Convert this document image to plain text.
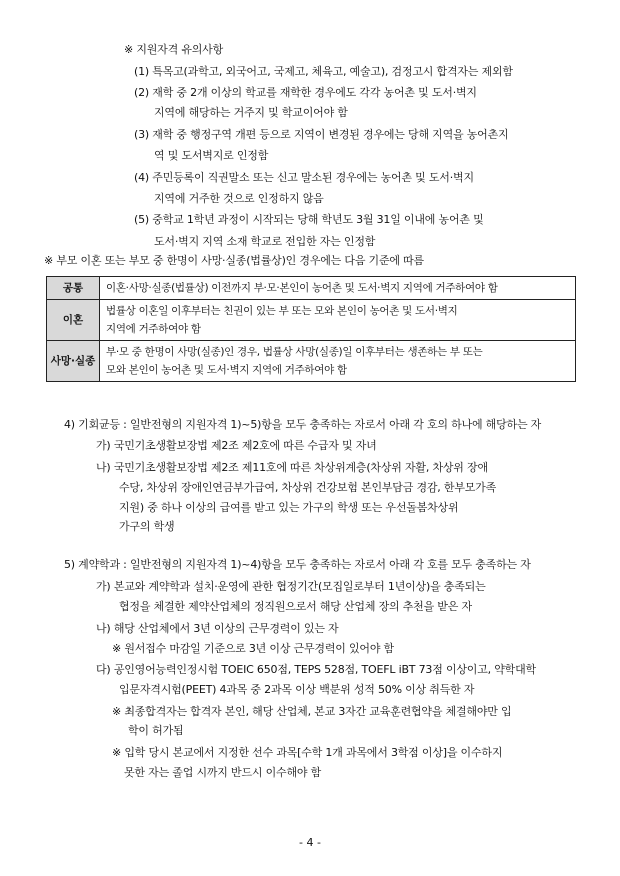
※ 지원자격 유의사항
(1) 특목고(과학고, 외국어고, 국제고, 체육고, 예술고), 검정고시 합격자는 제외함
(2) 재학 중 2개 이상의 학교를 재학한 경우에도 각각 농어촌 및 도서·벽지
지역에 해당하는 거주지 및 학교이어야 함
(3) 재학 중 행정구역 개편 등으로 지역이 변경된 경우에는 당해 지역을 농어촌지
역 및 도서벽지로 인정함
(4) 주민등록이 직권말소 또는 신고 말소된 경우에는 농어촌 및 도서·벽지
지역에 거주한 것으로 인정하지 않음
(5) 중학교 1학년 과정이 시작되는 당해 학년도 3월 31일 이내에 농어촌 및
도서·벽지 지역 소재 학교로 전입한 자는 인정함
※ 부모 이혼 또는 부모 중 한명이 사망·실종(법률상)인 경우에는 다음 기준에 따름
공통	이혼·사망·실종(법률상) 이전까지 부·모·본인이 농어촌 및 도서·벽지 지역에 거주하여야 함
이혼	법률상 이혼일 이후부터는 친권이 있는 부 또는 모와 본인이 농어촌 및 도서·벽지
지역에 거주하여야 함
사망·실종	부·모 중 한명이 사망(실종)인 경우, 법률상 사망(실종)일 이후부터는 생존하는 부 또는
모와 본인이 농어촌 및 도서·벽지 지역에 거주하여야 함
4) 기회균등 : 일반전형의 지원자격 1)~5)항을 모두 충족하는 자로서 아래 각 호의 하나에 해당하는 자
가) 국민기초생활보장법 제2조 제2호에 따른 수급자 및 자녀
나) 국민기초생활보장법 제2조 제11호에 따른 차상위계층(차상위 자활, 차상위 장애
수당, 차상위 장애인연금부가급여, 차상위 건강보험 본인부담금 경감, 한부모가족
지원) 중 하나 이상의 급여를 받고 있는 가구의 학생 또는 우선돌봄차상위
가구의 학생
5) 계약학과 : 일반전형의 지원자격 1)~4)항을 모두 충족하는 자로서 아래 각 호를 모두 충족하는 자
가) 본교와 계약학과 설치·운영에 관한 협정기간(모집일로부터 1년이상)을 충족되는
협정을 체결한 제약산업체의 정직원으로서 해당 산업체 장의 추천을 받은 자
나) 해당 산업체에서 3년 이상의 근무경력이 있는 자
※ 원서접수 마감일 기준으로 3년 이상 근무경력이 있어야 함
다) 공인영어능력인정시험 TOEIC 650점, TEPS 528점, TOEFL iBT 73점 이상이고, 약학대학
입문자격시험(PEET) 4과목 중 2과목 이상 백분위 성적 50% 이상 취득한 자
※ 최종합격자는 합격자 본인, 해당 산업체, 본교 3자간 교육훈련협약을 체결해야만 입
학이 허가됨
※ 입학 당시 본교에서 지정한 선수 과목[수학 1개 과목에서 3학점 이상]을 이수하지
못한 자는 졸업 시까지 반드시 이수해야 함
- 4 -
